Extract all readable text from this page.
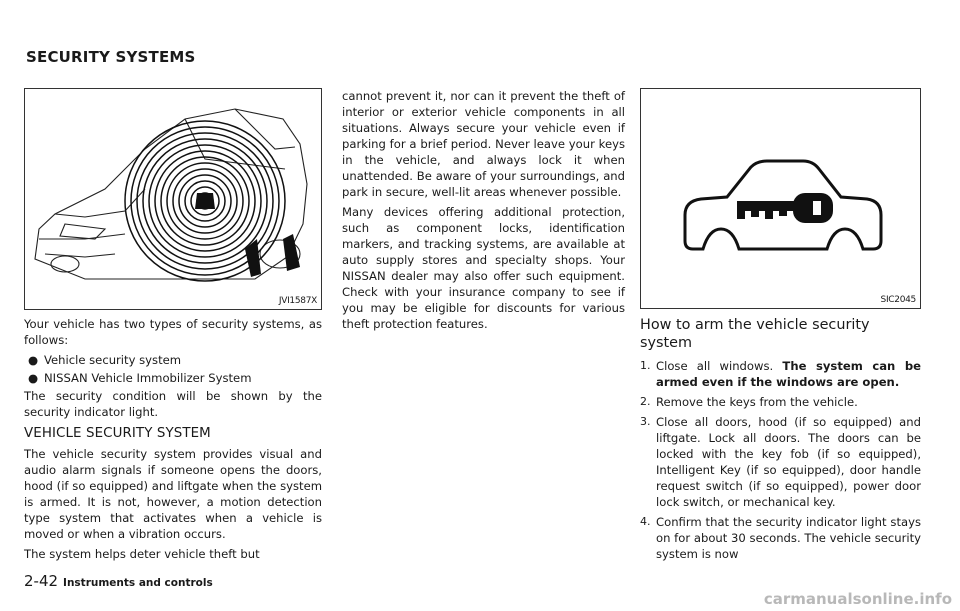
SECURITY SYSTEMS
JVI1587X

Your vehicle has two types of security systems, as follows:

● Vehicle security system
● NISSAN Vehicle Immobilizer System

The security condition will be shown by the security indicator light.

VEHICLE SECURITY SYSTEM

The vehicle security system provides visual and audio alarm signals if someone opens the doors, hood (if so equipped) and liftgate when the system is armed. It is not, however, a motion detection type system that activates when a vehicle is moved or when a vibration occurs.

The system helps deter vehicle theft but

cannot prevent it, nor can it prevent the theft of interior or exterior vehicle components in all situations. Always secure your vehicle even if parking for a brief period. Never leave your keys in the vehicle, and always lock it when unattended. Be aware of your surroundings, and park in secure, well-lit areas whenever possible.

Many devices offering additional protection, such as component locks, identification markers, and tracking systems, are available at auto supply stores and specialty shops. Your NISSAN dealer may also offer such equipment. Check with your insurance company to see if you may be eligible for discounts for various theft protection features.

SIC2045
How to arm the vehicle security system
1. Close all windows. The system can be armed even if the windows are open.
2. Remove the keys from the vehicle.
3. Close all doors, hood (if so equipped) and liftgate. Lock all doors. The doors can be locked with the key fob (if so equipped), Intelligent Key (if so equipped), door handle request switch (if so equipped), power door lock switch, or mechanical key.
4. Confirm that the security indicator light stays on for about 30 seconds. The vehicle security system is now
2-42 Instruments and controls
carmanualsonline.info
